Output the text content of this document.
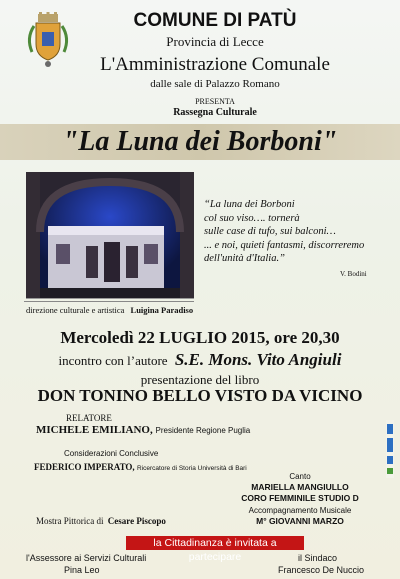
COMUNE DI PATÙ
Provincia di Lecce
L'Amministrazione Comunale
dalle sale di Palazzo Romano
PRESENTA
Rassegna Culturale
"La Luna dei Borboni"
direzione culturale e artistica Luigina Paradiso
“La luna dei Borboni
col suo viso…. tornerà
sulle case di tufo, sui balconi…
... e noi, quieti fantasmi, discorreremo
dell'unità d'Italia.”
V. Bodini
Mercoledì 22 LUGLIO 2015, ore 20,30
incontro con l’autore S.E. Mons. Vito Angiuli
presentazione del libro
DON TONINO BELLO VISTO DA VICINO
RELATORE
MICHELE EMILIANO, Presidente Regione Puglia
Considerazioni Conclusive
FEDERICO IMPERATO, Ricercatore di Storia Università di Bari
Canto
MARIELLA MANGIULLO
CORO FEMMINILE STUDIO D
Accompagnamento Musicale
M° GIOVANNI MARZO
Mostra Pittorica di Cesare Piscopo
la Cittadinanza è invitata a partecipare
l'Assessore ai Servizi Culturali
Pina Leo
il Sindaco
Francesco De Nuccio
